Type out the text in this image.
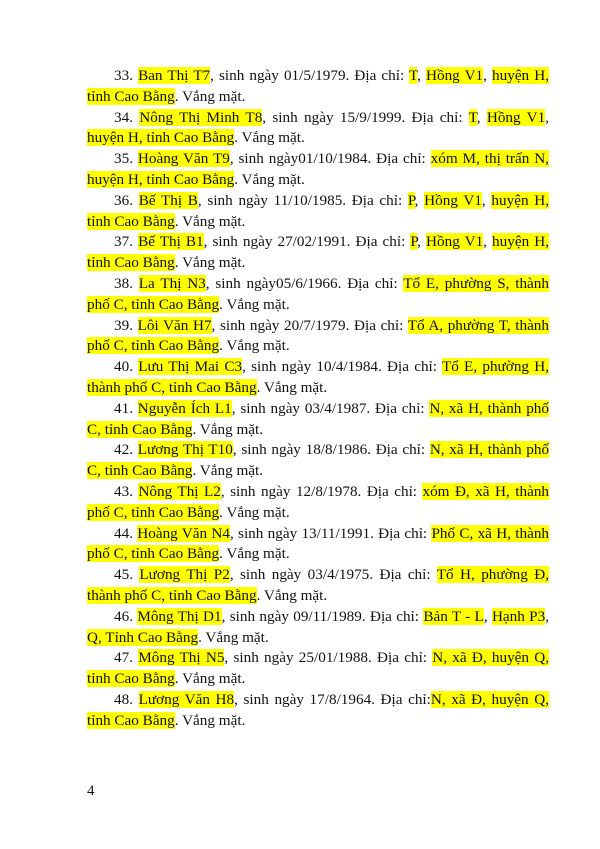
33. Ban Thị T7, sinh ngày 01/5/1979. Địa chỉ: T, Hồng V1, huyện H, tỉnh Cao Bằng. Vắng mặt.

34. Nông Thị Minh T8, sinh ngày 15/9/1999. Địa chỉ: T, Hồng V1, huyện H, tỉnh Cao Bằng. Vắng mặt.

35. Hoàng Văn T9, sinh ngày01/10/1984. Địa chỉ: xóm M, thị trấn N, huyện H, tỉnh Cao Bằng. Vắng mặt.

36. Bế Thị B, sinh ngày 11/10/1985. Địa chỉ: P, Hồng V1, huyện H, tỉnh Cao Bằng. Vắng mặt.

37. Bế Thị B1, sinh ngày 27/02/1991. Địa chỉ: P, Hồng V1, huyện H, tỉnh Cao Bằng. Vắng mặt.

38. La Thị N3, sinh ngày05/6/1966. Địa chỉ: Tổ E, phường S, thành phố C, tỉnh Cao Bằng. Vắng mặt.

39. Lôi Văn H7, sinh ngày 20/7/1979. Địa chỉ: Tổ A, phường T, thành phố C, tỉnh Cao Bằng. Vắng mặt.

40. Lưu Thị Mai C3, sinh ngày 10/4/1984. Địa chỉ: Tổ E, phường H, thành phố C, tỉnh Cao Bằng. Vắng mặt.

41. Nguyễn Ích L1, sinh ngày 03/4/1987. Địa chỉ: N, xã H, thành phố C, tỉnh Cao Bằng. Vắng mặt.

42. Lương Thị T10, sinh ngày 18/8/1986. Địa chỉ: N, xã H, thành phố C, tỉnh Cao Bằng. Vắng mặt.

43. Nông Thị L2, sinh ngày 12/8/1978. Địa chỉ: xóm Đ, xã H, thành phố C, tỉnh Cao Bằng. Vắng mặt.

44. Hoàng Văn N4, sinh ngày 13/11/1991. Địa chỉ: Phố C, xã H, thành phố C, tỉnh Cao Bằng. Vắng mặt.

45. Lương Thị P2, sinh ngày 03/4/1975. Địa chỉ: Tổ H, phường Đ, thành phố C, tỉnh Cao Bằng. Vắng mặt.

46. Mông Thị D1, sinh ngày 09/11/1989. Địa chỉ: Bản T - L, Hạnh P3, Q, Tỉnh Cao Bằng. Vắng mặt.

47. Mông Thị N5, sinh ngày 25/01/1988. Địa chỉ: N, xã Đ, huyện Q, tỉnh Cao Bằng. Vắng mặt.

48. Lương Văn H8, sinh ngày 17/8/1964. Địa chỉ:N, xã Đ, huyện Q, tỉnh Cao Bằng. Vắng mặt.

4
